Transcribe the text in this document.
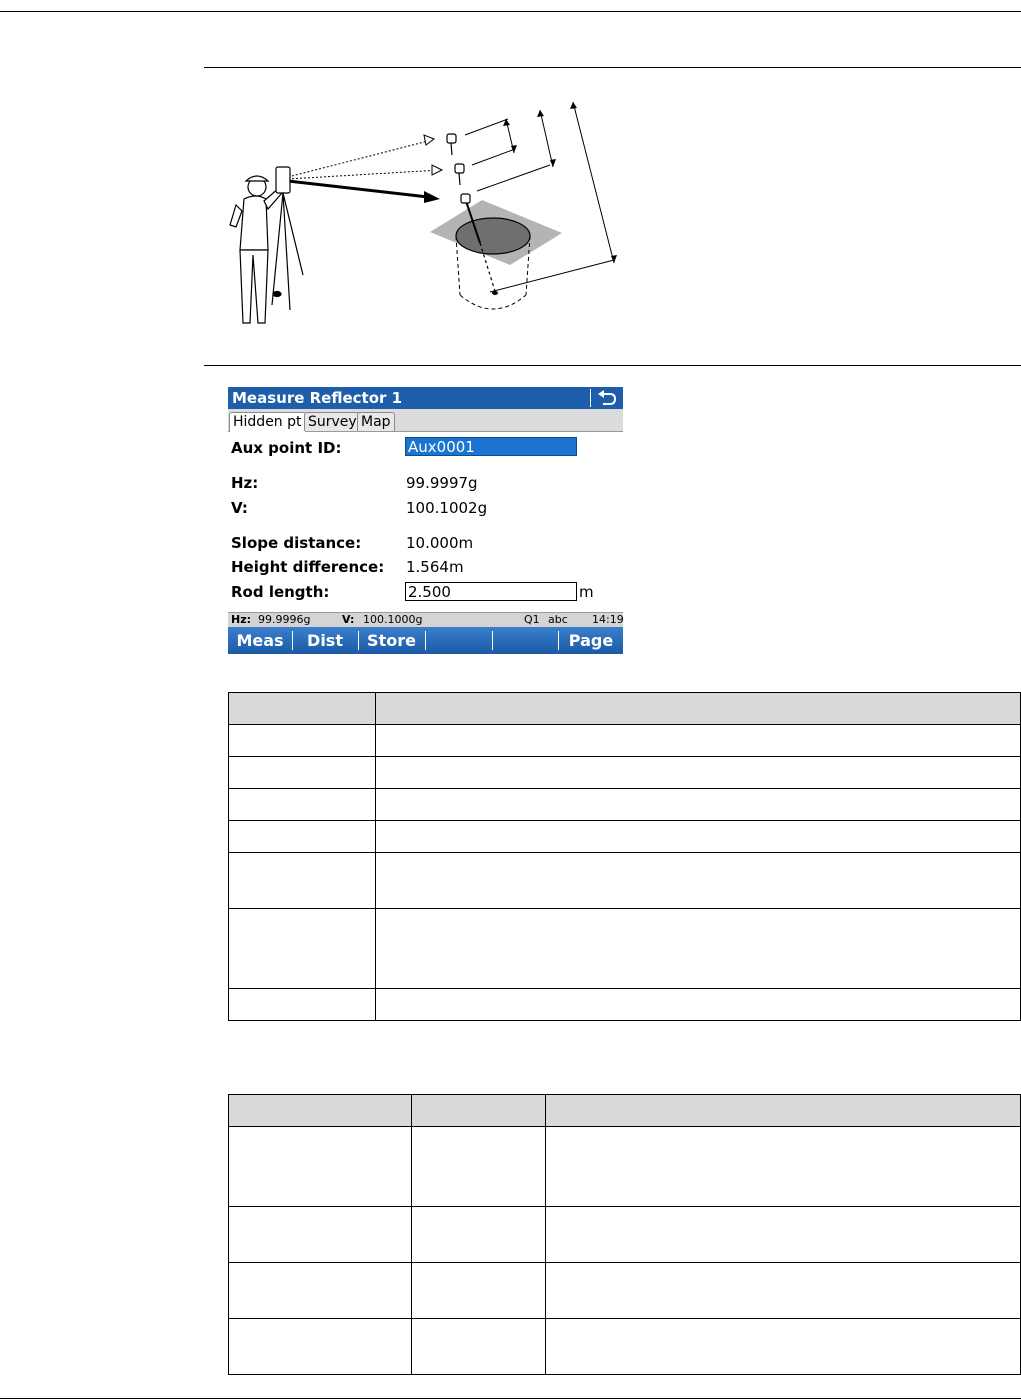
Measure Reflector 1
Hidden pt Survey Map
Aux point ID:	Aux0001
Hz:	99.9997g
V:	100.1002g
Slope distance:	10.000m
Height difference: 1.564m
Rod length:	2.500	m
Hz: 99.9996g	V: 100.1000g	Q1 abc 14:19
Meas	Dist	Store	Page
